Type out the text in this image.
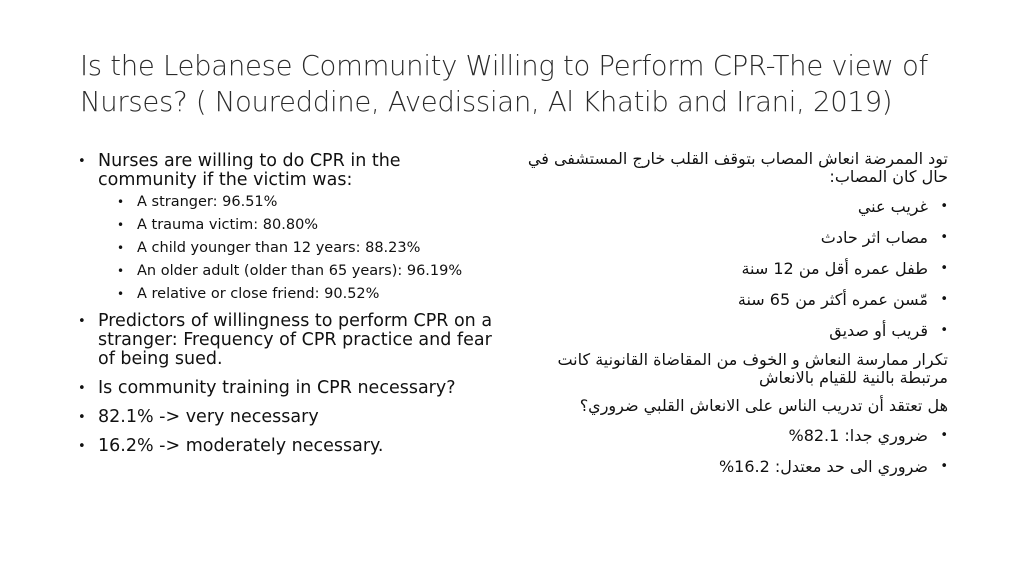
Is the Lebanese Community Willing to Perform CPR-The view of
Nurses? ( Noureddine, Avedissian, Al Khatib and Irani, 2019)
• Nurses are willing to do CPR in the community if the victim was:
• A stranger: 96.51%
• A trauma victim: 80.80%
• A child younger than 12 years: 88.23%
• An older adult (older than 65 years): 96.19%
• A relative or close friend: 90.52%
• Predictors of willingness to perform CPR on a stranger: Frequency of CPR practice and fear of being sued.
• Is community training in CPR necessary?
• 82.1% -> very necessary
• 16.2% -> moderately necessary.
تود الممرضة انعاش المصاب بتوقف القلب خارج المستشفى في حال كان المصاب:
•
غريب عني
•
مصاب اثر حادث
•
طفل عمره أقل من 12 سنة
•
مّسن عمره أكثر من 65 سنة
•
قريب أو صديق
تكرار ممارسة النعاش و الخوف من المقاضاة القانونية كانت مرتبطة بالنية للقيام بالانعاش
هل تعتقد أن تدريب الناس على الانعاش القلبي ضروري؟
•
ضروري جدا: 82.1%
•
ضروري الى حد معتدل: 16.2%
